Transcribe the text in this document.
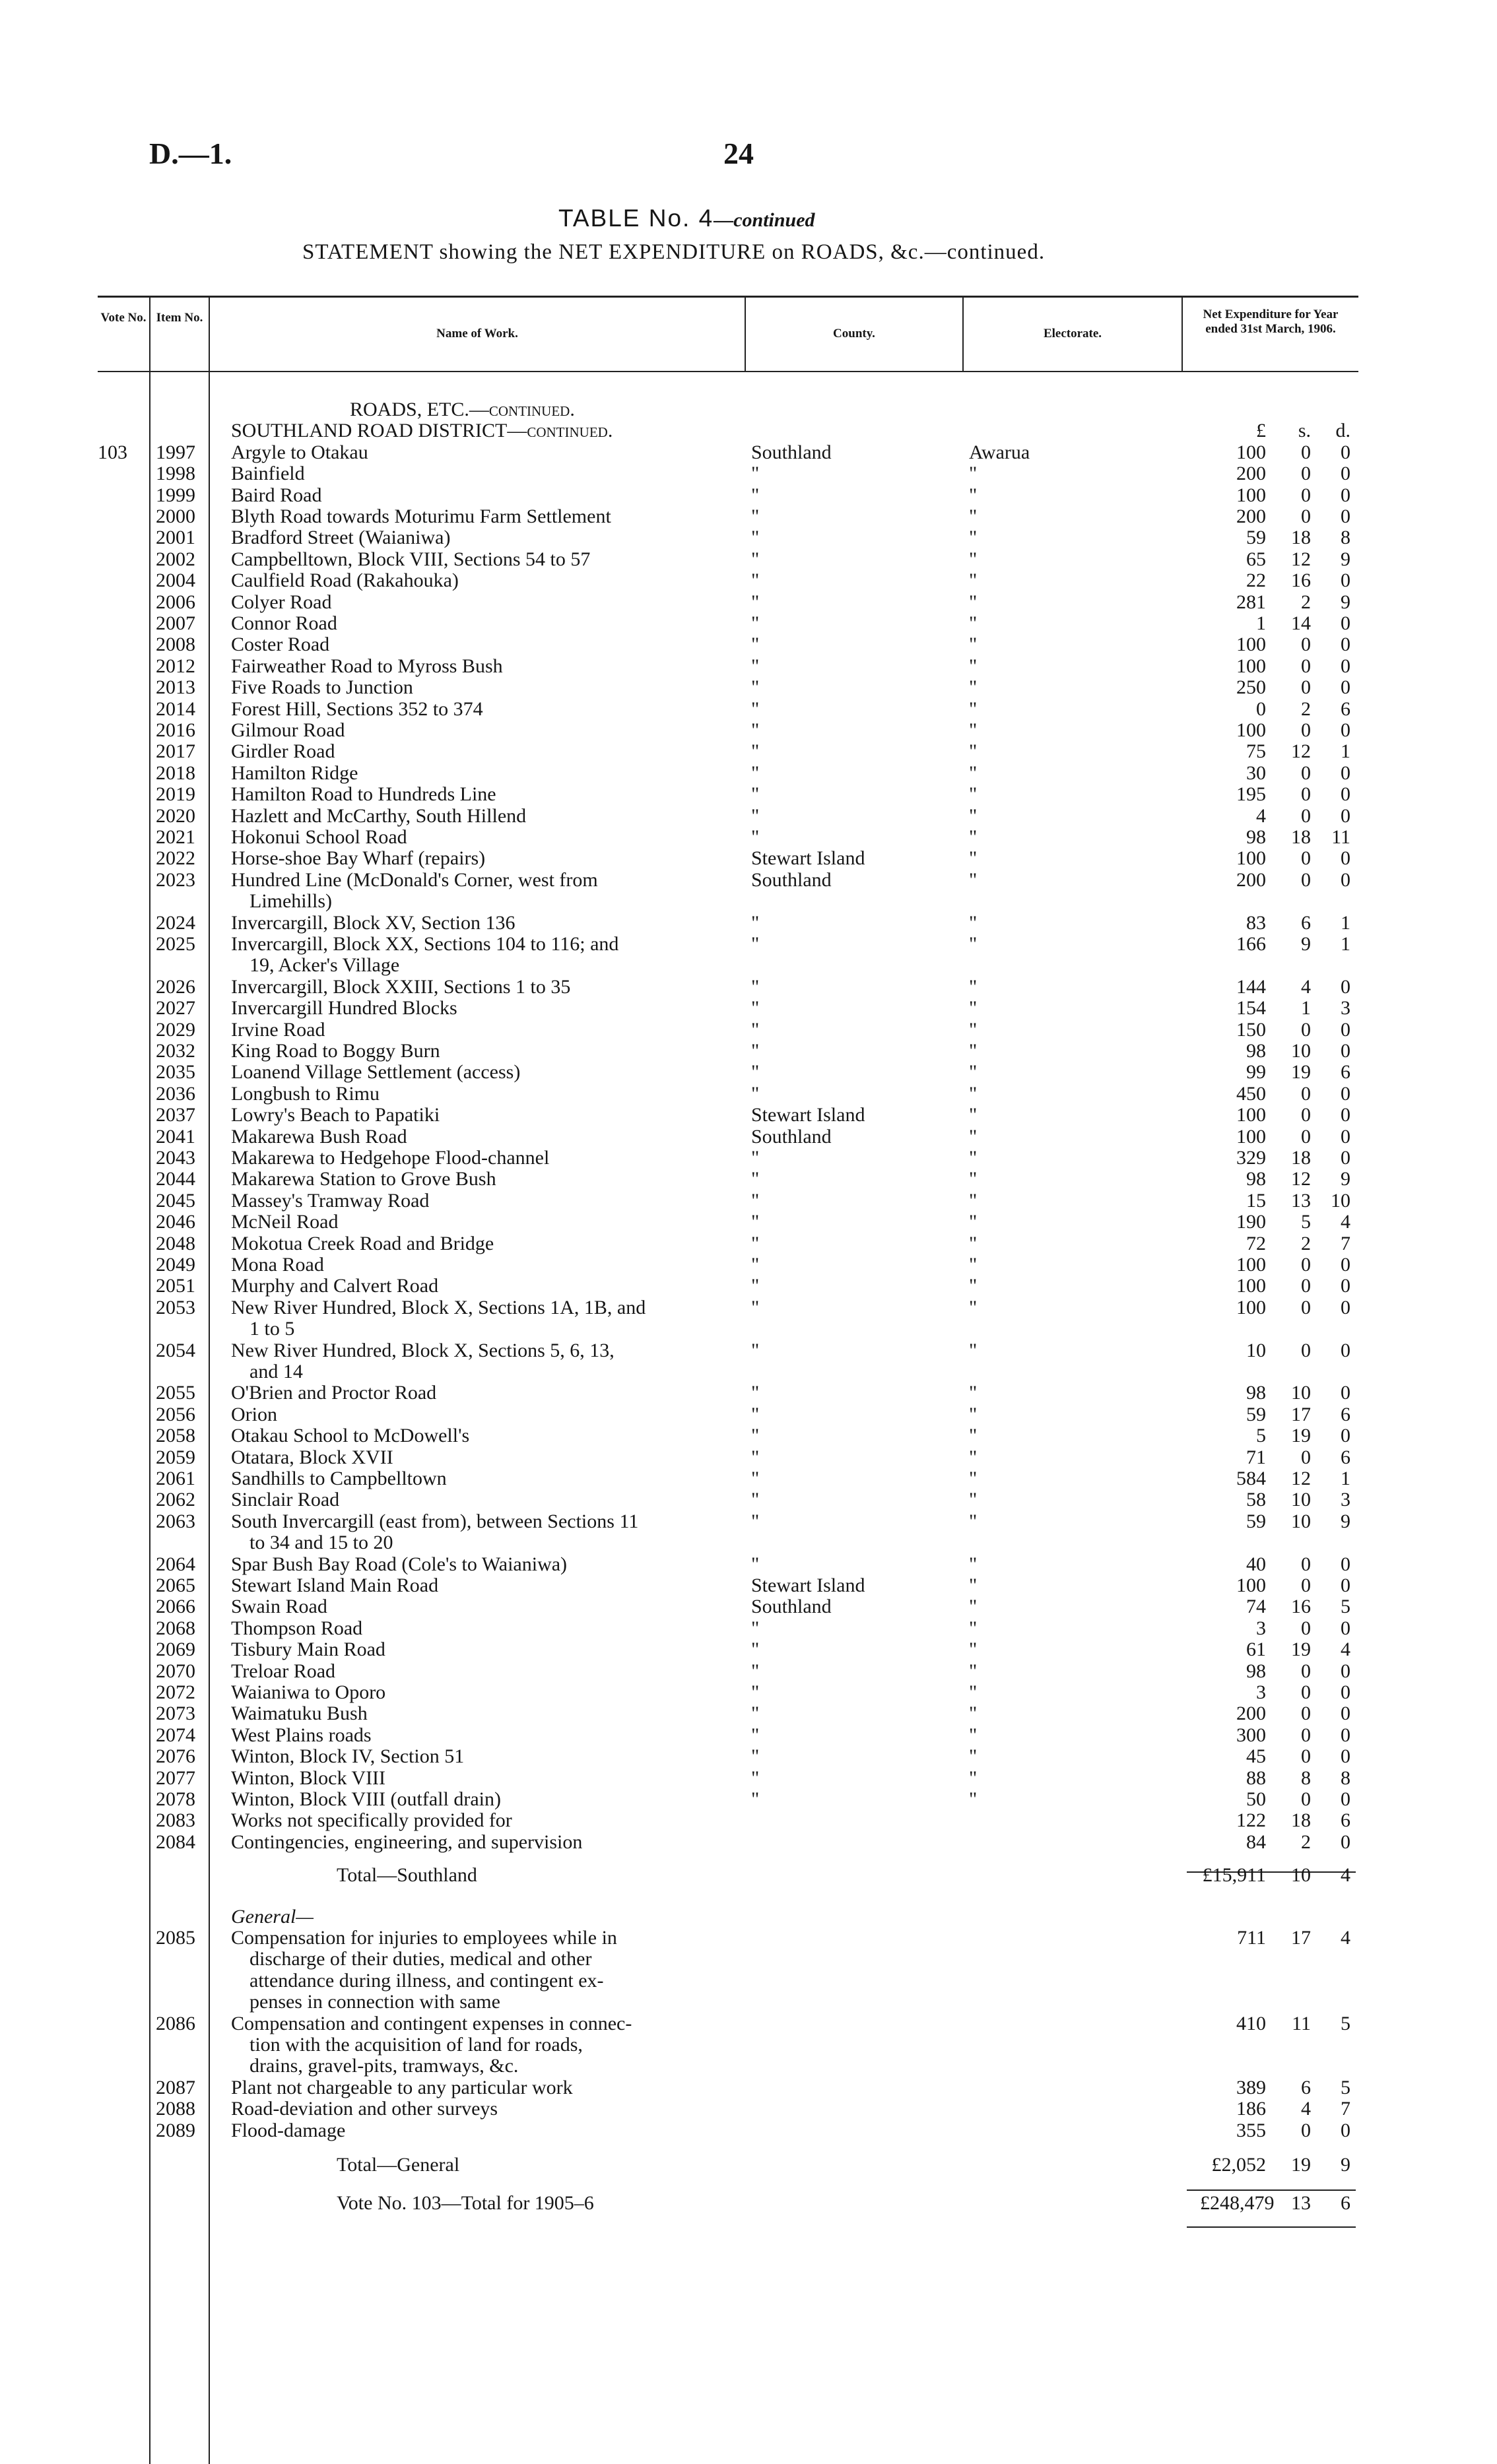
D.—1.	24
TABLE No. 4—continued
STATEMENT showing the NET EXPENDITURE on ROADS, &c.—continued.
Vote No. Item No.
Name of Work.	County.	Electorate.
Net Expenditure for Year ended 31st March, 1906.
ROADS, ETC.—continued.
SOUTHLAND ROAD DISTRICT—continued.	£	s.	d.
103	1997 Argyle to Otakau	Southland	Awarua	100	0	0
1998 Bainfield	"	"	200	0	0
1999 Baird Road	"	"	100	0	0
2000 Blyth Road towards Moturimu Farm Settlement	"	"	200	0	0
2001 Bradford Street (Waianiwa)	"	"	59	18	8
2002 Campbelltown, Block VIII, Sections 54 to 57	"	"	65	12	9
2004 Caulfield Road (Rakahouka)	"	"	22	16	0
2006 Colyer Road	"	"	281	2	9
2007 Connor Road	"	"	1	14	0
2008 Coster Road	"	"	100	0	0
2012 Fairweather Road to Myross Bush	"	"	100	0	0
2013 Five Roads to Junction	"	"	250	0	0
2014 Forest Hill, Sections 352 to 374	"	"	0	2	6
2016 Gilmour Road	"	"	100	0	0
2017 Girdler Road	"	"	75	12	1
2018 Hamilton Ridge	"	"	30	0	0
2019 Hamilton Road to Hundreds Line	"	"	195	0	0
2020 Hazlett and McCarthy, South Hillend	"	"	4	0	0
2021 Hokonui School Road	"	"	98	18	11
2022 Horse-shoe Bay Wharf (repairs)	Stewart Island	"	100	0	0
2023 Hundred Line (McDonald's Corner, west from	Southland	"	200	0	0
Limehills)
2024 Invercargill, Block XV, Section 136	"	"	83	6	1
2025 Invercargill, Block XX, Sections 104 to 116; and	"	"	166	9	1
19, Acker's Village
2026 Invercargill, Block XXIII, Sections 1 to 35	"	"	144	4	0
2027 Invercargill Hundred Blocks	"	"	154	1	3
2029 Irvine Road	"	"	150	0	0
2032 King Road to Boggy Burn	"	"	98	10	0
2035 Loanend Village Settlement (access)	"	"	99	19	6
2036 Longbush to Rimu	"	"	450	0	0
2037 Lowry's Beach to Papatiki	Stewart Island	"	100	0	0
2041 Makarewa Bush Road	Southland	"	100	0	0
2043 Makarewa to Hedgehope Flood-channel	"	"	329	18	0
2044 Makarewa Station to Grove Bush	"	"	98	12	9
2045 Massey's Tramway Road	"	"	15	13	10
2046 McNeil Road	"	"	190	5	4
2048 Mokotua Creek Road and Bridge	"	"	72	2	7
2049 Mona Road	"	"	100	0	0
2051 Murphy and Calvert Road	"	"	100	0	0
2053 New River Hundred, Block X, Sections 1A, 1B, and	"	"	100	0	0
1 to 5
2054 New River Hundred, Block X, Sections 5, 6, 13,	"	"	10	0	0
and 14
2055 O'Brien and Proctor Road	"	"	98	10	0
2056 Orion	"	"	59	17	6
2058 Otakau School to McDowell's	"	"	5	19	0
2059 Otatara, Block XVII	"	"	71	0	6
2061 Sandhills to Campbelltown	"	"	584	12	1
2062 Sinclair Road	"	"	58	10	3
2063 South Invercargill (east from), between Sections 11	"	"	59	10	9
to 34 and 15 to 20
2064 Spar Bush Bay Road (Cole's to Waianiwa)	"	"	40	0	0
2065 Stewart Island Main Road	Stewart Island	"	100	0	0
2066 Swain Road	Southland	"	74	16	5
2068 Thompson Road	"	"	3	0	0
2069 Tisbury Main Road	"	"	61	19	4
2070 Treloar Road	"	"	98	0	0
2072 Waianiwa to Oporo	"	"	3	0	0
2073 Waimatuku Bush	"	"	200	0	0
2074 West Plains roads	"	"	300	0	0
2076 Winton, Block IV, Section 51	"	"	45	0	0
2077 Winton, Block VIII	"	"	88	8	8
2078 Winton, Block VIII (outfall drain)	"	"	50	0	0
2083 Works not specifically provided for	122	18	6
2084 Contingencies, engineering, and supervision	84	2	0
Total—Southland	£15,911	10	4
General—
2085 Compensation for injuries to employees while in	711	17	4
discharge of their duties, medical and other
attendance during illness, and contingent ex-
penses in connection with same
2086 Compensation and contingent expenses in connec-	410	11	5
tion with the acquisition of land for roads,
drains, gravel-pits, tramways, &c.
2087 Plant not chargeable to any particular work	389	6	5
2088 Road-deviation and other surveys	186	4	7
2089 Flood-damage	355	0	0
Total—General	£2,052	19	9
Vote No. 103—Total for 1905–6	£248,479 13	6
